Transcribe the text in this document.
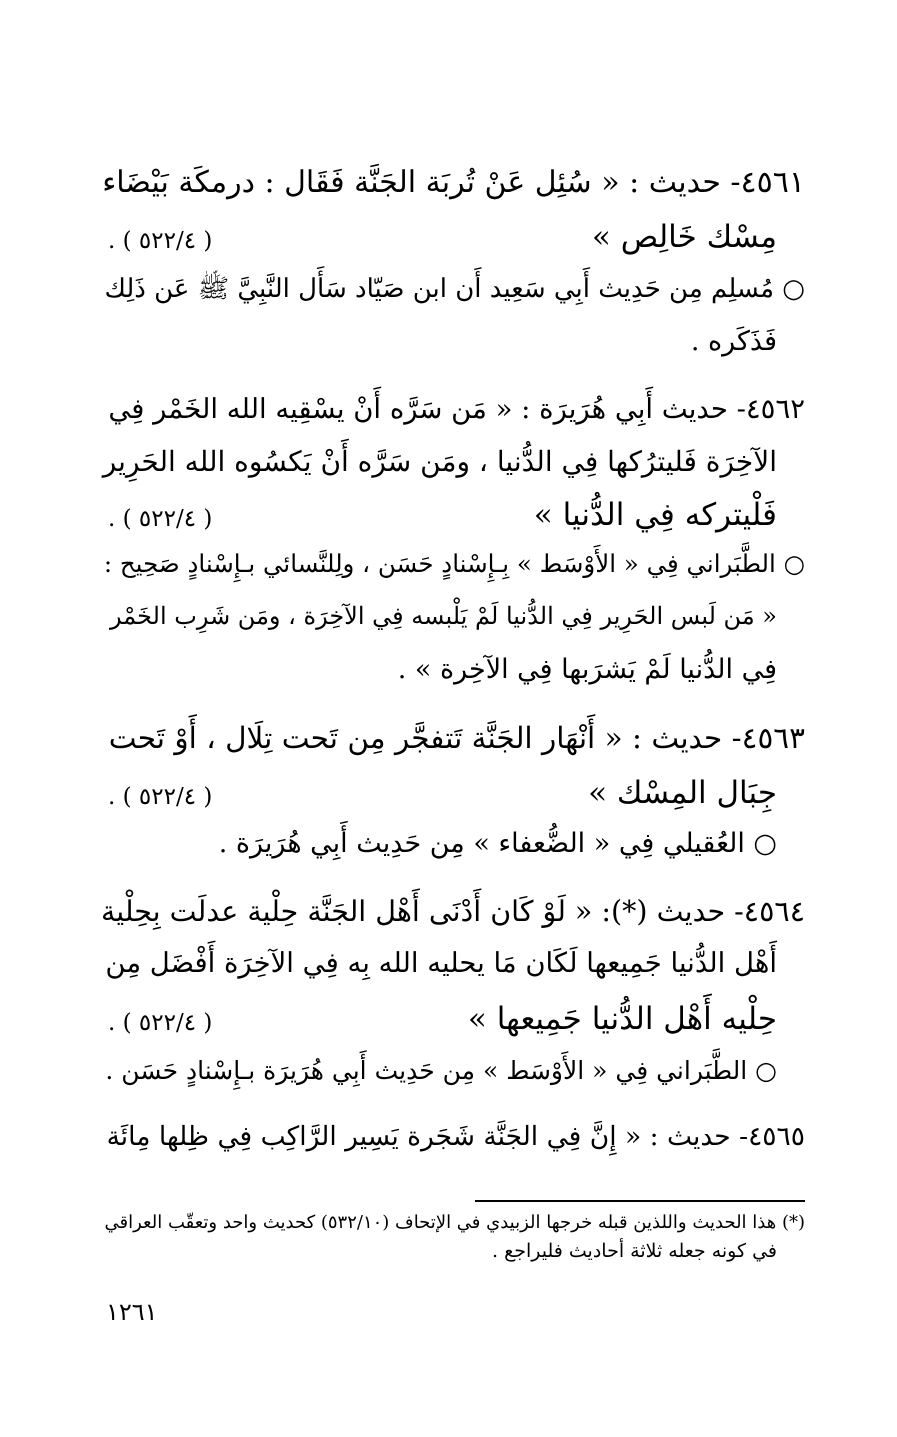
٤٥٦١- حديث : « سُئِل عَنْ تُربَة الجَنَّة فَقَال : درمكَة بَيْضَاء
مِسْك خَالِص »
( ٥٢٢/٤ ) .
○ مُسلِم مِن حَدِيث أَبِي سَعِيد أَن ابن صَيّاد سَأَل النَّبِيَّ ﷺ عَن ذَلِك
فَذَكَره .
٤٥٦٢- حديث أَبِي هُرَيرَة : « مَن سَرَّه أَنْ يسْقِيه الله الخَمْر فِي
الآخِرَة فَليترُكها فِي الدُّنيا ، ومَن سَرَّه أَنْ يَكسُوه الله الحَرِير
فَلْيتركه فِي الدُّنيا »
( ٥٢٢/٤ ) .
○ الطَّبَراني فِي « الأَوْسَط » بِـإِسْنادٍ حَسَن ، ولِلنَّسائي بـإِسْنادٍ صَحِيح :
« مَن لَبس الحَرِير فِي الدُّنيا لَمْ يَلْبسه فِي الآخِرَة ، ومَن شَرِب الخَمْر
فِي الدُّنيا لَمْ يَشرَبها فِي الآخِرة » .
٤٥٦٣- حديث : « أَنْهَار الجَنَّة تَتفجَّر مِن تَحت تِلَال ، أَوْ تَحت
جِبَال المِسْك »
( ٥٢٢/٤ ) .
○ العُقيلي فِي « الضُّعفاء » مِن حَدِيث أَبِي هُرَيرَة .
٤٥٦٤- حديث (*): « لَوْ كَان أَدْنَى أَهْل الجَنَّة حِلْية عدلَت بِحِلْية
أَهْل الدُّنيا جَمِيعها لَكَان مَا يحليه الله بِه فِي الآخِرَة أَفْضَل مِن
حِلْيه أَهْل الدُّنيا جَمِيعها »
( ٥٢٢/٤ ) .
○ الطَّبَراني فِي « الأَوْسَط » مِن حَدِيث أَبِي هُرَيرَة بـإِسْنادٍ حَسَن .
٤٥٦٥- حديث : « إِنَّ فِي الجَنَّة شَجَرة يَسِير الرَّاكِب فِي ظِلها مِائَة
(*) هذا الحديث واللذين قبله خرجها الزبيدي في الإتحاف (٥٣٢/١٠) كحديث واحد وتعقّب العراقي
في كونه جعله ثلاثة أحاديث فليراجع .
١٢٦١
